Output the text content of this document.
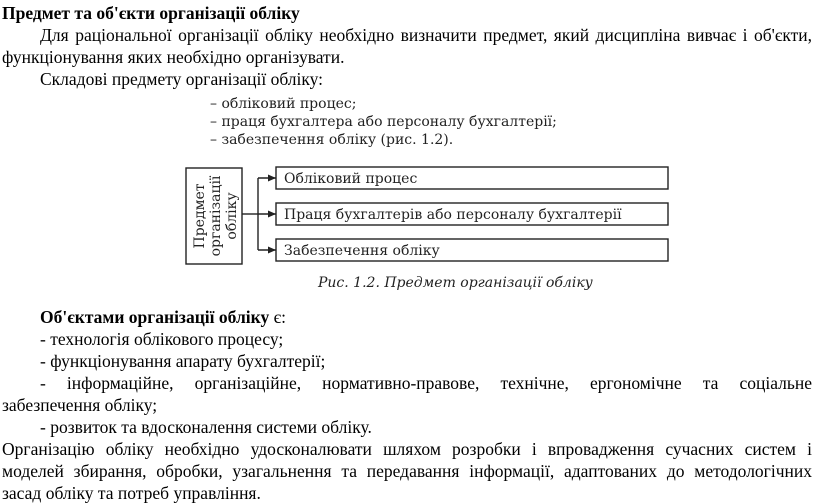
Предмет та об'єкти організації обліку
Для раціональної організації обліку необхідно визначити предмет, який дисципліна вивчає і об'єкти,
функціонування яких необхідно організувати.
Складові предмету організації обліку:
– обліковий процес;
– праця бухгалтера або персоналу бухгалтерії;
– забезпечення обліку (рис. 1.2).
Предмет організації обліку
Обліковий процес
Праця бухгалтерів або персоналу бухгалтерії
Забезпечення обліку
Рис. 1.2. Предмет організації обліку
Об'єктами організації обліку є:
- технологія облікового процесу;
- функціонування апарату бухгалтерії;
- інформаційне, організаційне, нормативно-правове, технічне, ергономічне та соціальне
забезпечення обліку;
- розвиток та вдосконалення системи обліку.
Організацію обліку необхідно удосконалювати шляхом розробки і впровадження сучасних систем і
моделей збирання, обробки, узагальнення та передавання інформації, адаптованих до методологічних
засад обліку та потреб управління.
